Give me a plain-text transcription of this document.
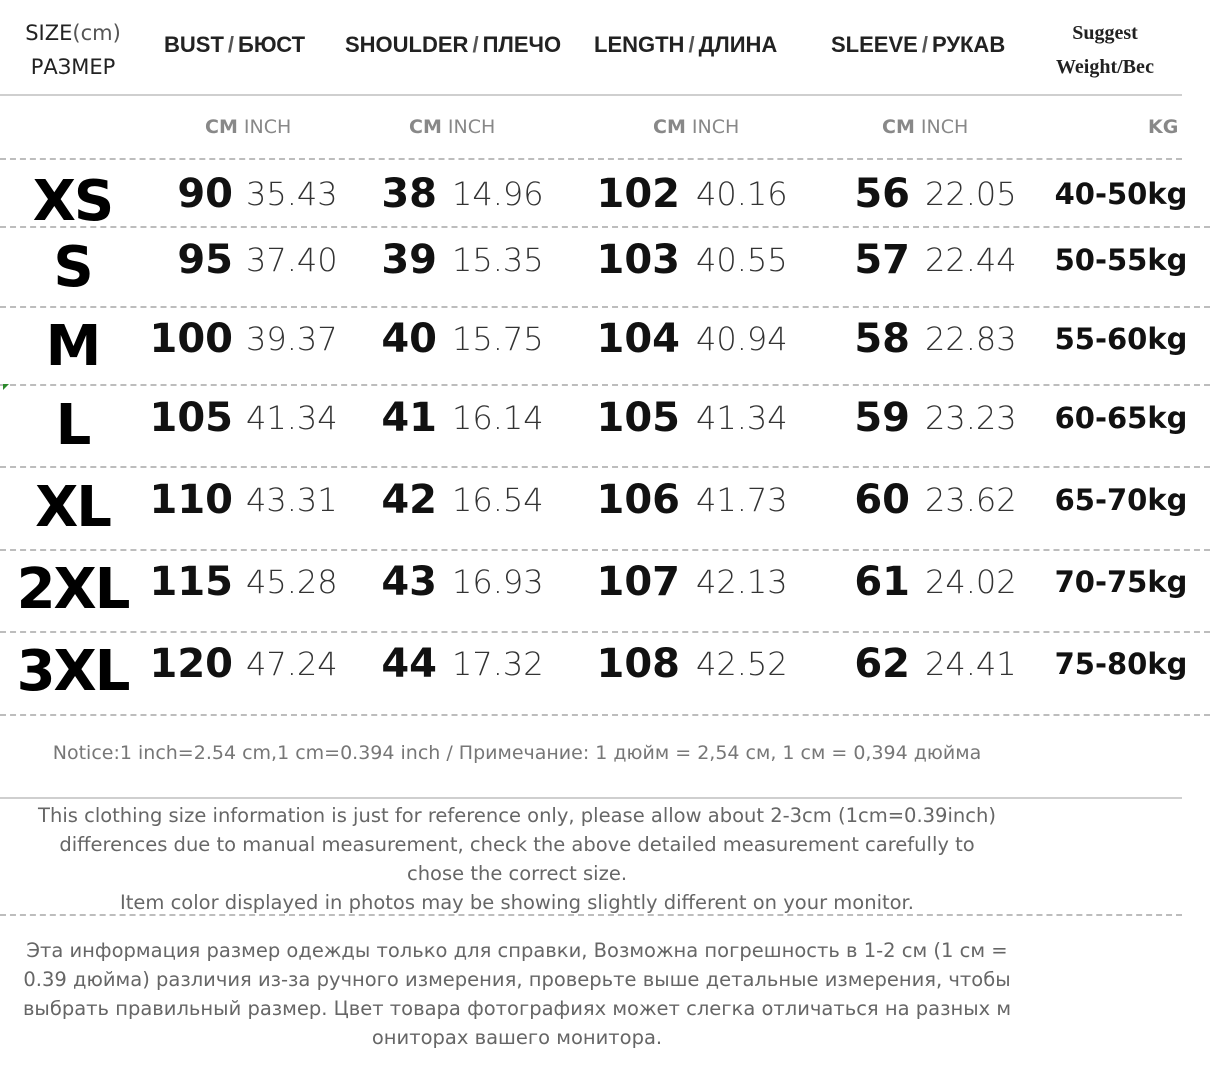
SIZE(cm)
РАЗМЕР
BUST / БЮСТ SHOULDER / ПЛЕЧО LENGTH / ДЛИНА SLEEVE / РУКАВ	Suggest
Weight/Вес
CM INCH	CM INCH	CM INCH	CM INCH	KG
XS	90 35.43	38 14.96	102 40.16	56 22.05 40-50kg
S	95 37.40	39 15.35	103 40.55	57 22.44 50-55kg
M	100 39.37	40 15.75	104 40.94	58 22.83 55-60kg
L	105 41.34	41 16.14	105 41.34	59 23.23 60-65kg
XL 110 43.31	42 16.54	106 41.73	60 23.62 65-70kg
2XL 115 45.28	43 16.93	107 42.13	61 24.02 70-75kg
3XL 120 47.24	44 17.32	108 42.52	62 24.41 75-80kg
Notice:1 inch=2.54 cm,1 cm=0.394 inch / Примечание: 1 дюйм = 2,54 см, 1 см = 0,394 дюйма

This clothing size information is just for reference only, please allow about 2-3cm (1cm=0.39inch)

differences due to manual measurement, check the above detailed measurement carefully to

chose the correct size.

Item color displayed in photos may be showing slightly different on your monitor.

Эта информация размер одежды только для справки, Возможна погрешность в 1-2 см (1 см =

0.39 дюйма) различия из-за ручного измерения, проверьте выше детальные измерения, чтобы

выбрать правильный размер. Цвет товара фотографиях может слегка отличаться на разных м

ониторах вашего монитора.
